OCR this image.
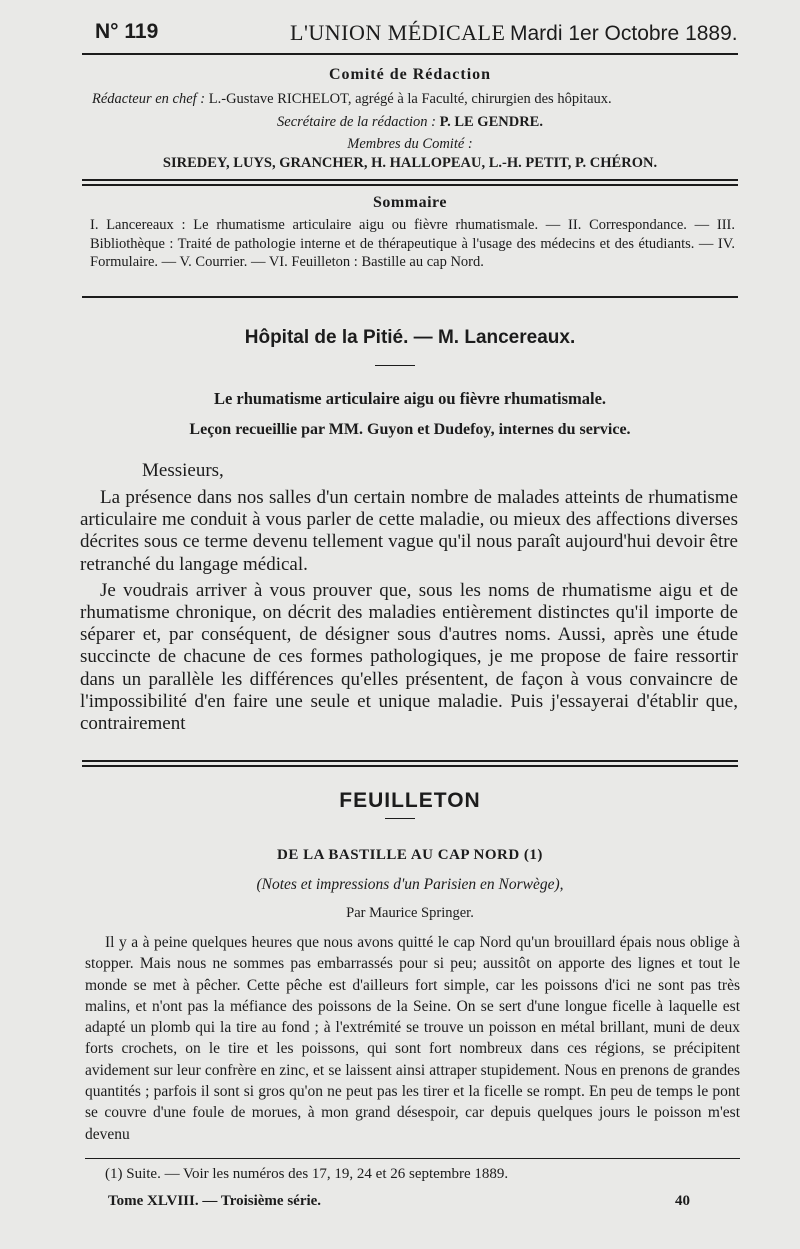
N° 119	L'UNION MÉDICALE Mardi 1er Octobre 1889.
Comité de Rédaction
Rédacteur en chef : L.-Gustave RICHELOT, agrégé à la Faculté, chirurgien des hôpitaux.
Secrétaire de la rédaction : P. LE GENDRE.
Membres du Comité :
SIREDEY, LUYS, GRANCHER, H. HALLOPEAU, L.-H. PETIT, P. CHÉRON.
Sommaire
I. Lancereaux : Le rhumatisme articulaire aigu ou fièvre rhumatismale. — II. Correspondance. — III. Bibliothèque : Traité de pathologie interne et de thérapeutique à l'usage des médecins et des étudiants. — IV. Formulaire. — V. Courrier. — VI. Feuilleton : Bastille au cap Nord.
Hôpital de la Pitié. — M. Lancereaux.
Le rhumatisme articulaire aigu ou fièvre rhumatismale.
Leçon recueillie par MM. Guyon et Dudefoy, internes du service.
Messieurs,

La présence dans nos salles d'un certain nombre de malades atteints de rhumatisme articulaire me conduit à vous parler de cette maladie, ou mieux des affections diverses décrites sous ce terme devenu tellement vague qu'il nous paraît aujourd'hui devoir être retranché du langage médical.

Je voudrais arriver à vous prouver que, sous les noms de rhumatisme aigu et de rhumatisme chronique, on décrit des maladies entièrement distinctes qu'il importe de séparer et, par conséquent, de désigner sous d'autres noms. Aussi, après une étude succincte de chacune de ces formes pathologiques, je me propose de faire ressortir dans un parallèle les différences qu'elles présentent, de façon à vous convaincre de l'impossibilité d'en faire une seule et unique maladie. Puis j'essayerai d'établir que, contrairement

FEUILLETON
DE LA BASTILLE AU CAP NORD (1)
(Notes et impressions d'un Parisien en Norwège),
Par Maurice Springer.

Il y a à peine quelques heures que nous avons quitté le cap Nord qu'un brouillard épais nous oblige à stopper. Mais nous ne sommes pas embarrassés pour si peu; aussitôt on apporte des lignes et tout le monde se met à pêcher. Cette pêche est d'ailleurs fort simple, car les poissons d'ici ne sont pas très malins, et n'ont pas la méfiance des poissons de la Seine. On se sert d'une longue ficelle à laquelle est adapté un plomb qui la tire au fond ; à l'extrémité se trouve un poisson en métal brillant, muni de deux forts crochets, on le tire et les poissons, qui sont fort nombreux dans ces régions, se précipitent avidement sur leur confrère en zinc, et se laissent ainsi attraper stupidement. Nous en prenons de grandes quantités ; parfois il sont si gros qu'on ne peut pas les tirer et la ficelle se rompt. En peu de temps le pont se couvre d'une foule de morues, à mon grand désespoir, car depuis quelques jours le poisson m'est devenu

(1) Suite. — Voir les numéros des 17, 19, 24 et 26 septembre 1889.
Tome XLVIII. — Troisième série.	40
